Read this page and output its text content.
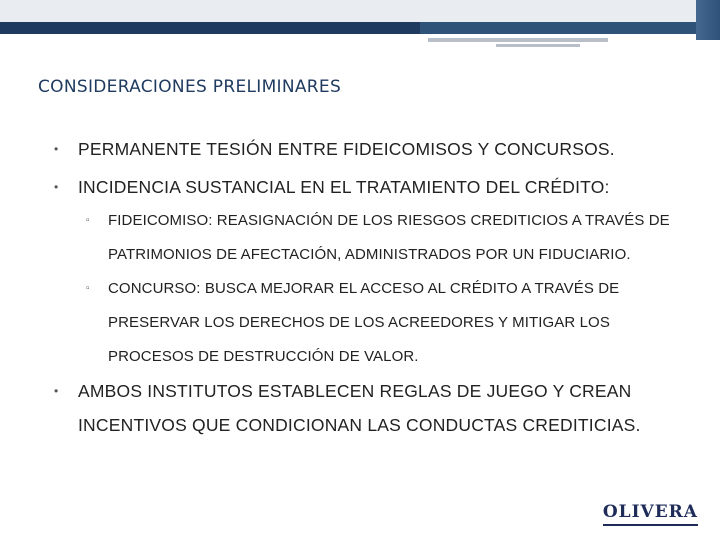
CONSIDERACIONES PRELIMINARES
• PERMANENTE TESIÓN ENTRE FIDEICOMISOS Y CONCURSOS.
• INCIDENCIA SUSTANCIAL EN EL TRATAMIENTO DEL CRÉDITO:
▫ FIDEICOMISO: REASIGNACIÓN DE LOS RIESGOS CREDITICIOS A TRAVÉS DE PATRIMONIOS DE AFECTACIÓN, ADMINISTRADOS POR UN FIDUCIARIO.
▫ CONCURSO: BUSCA MEJORAR EL ACCESO AL CRÉDITO A TRAVÉS DE PRESERVAR LOS DERECHOS DE LOS ACREEDORES Y MITIGAR LOS PROCESOS DE DESTRUCCIÓN DE VALOR.
• AMBOS INSTITUTOS ESTABLECEN REGLAS DE JUEGO Y CREAN INCENTIVOS QUE CONDICIONAN LAS CONDUCTAS CREDITICIAS.
OLIVERA
